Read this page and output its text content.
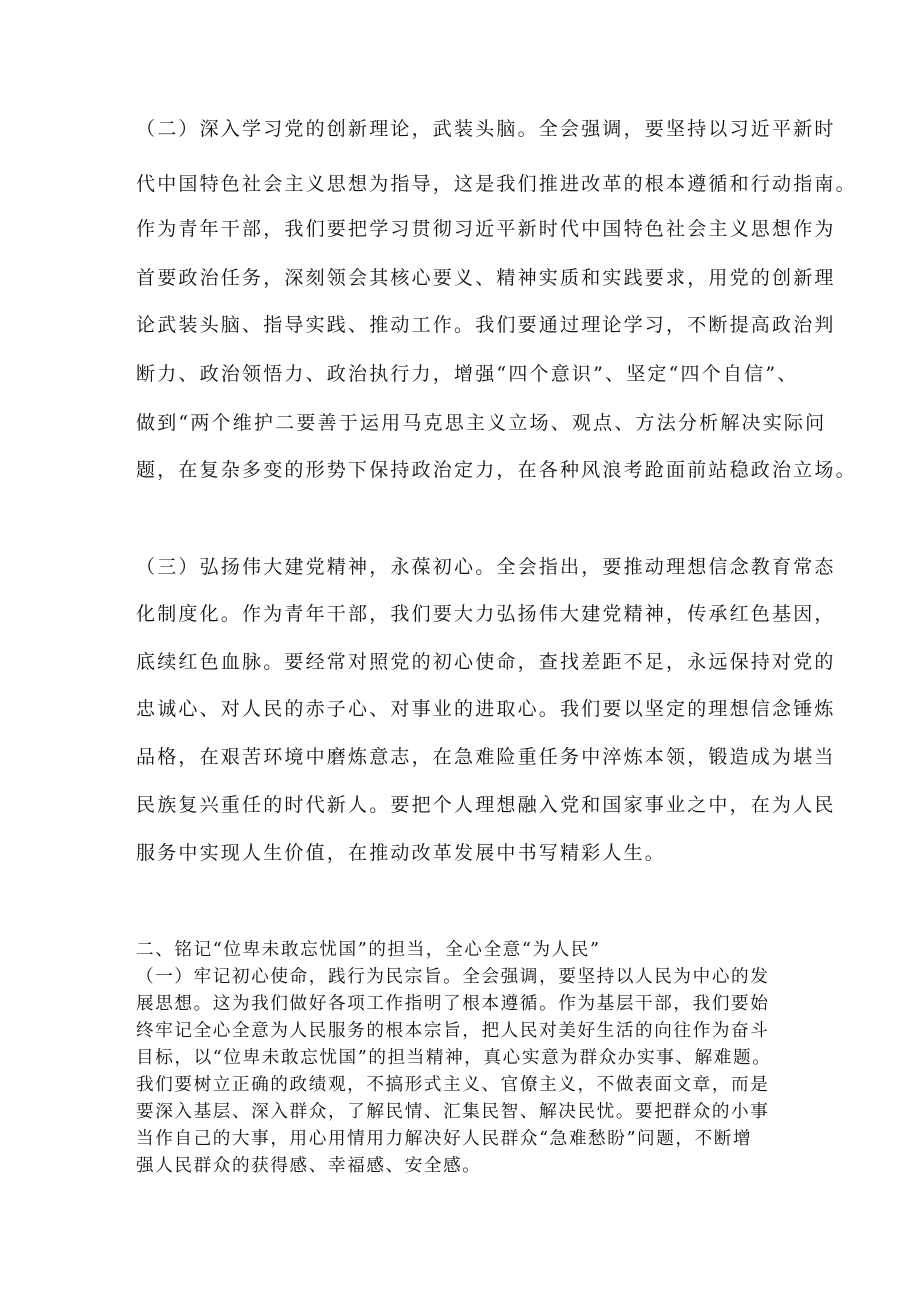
（二）深入学习党的创新理论，武装头脑。全会强调，要坚持以习近平新时
代中国特色社会主义思想为指导，这是我们推进改革的根本遵循和行动指南。
作为青年干部，我们要把学习贯彻习近平新时代中国特色社会主义思想作为
首要政治任务，深刻领会其核心要义、精神实质和实践要求，用党的创新理
论武装头脑、指导实践、推动工作。我们要通过理论学习，不断提高政治判
断力、政治领悟力、政治执行力，增强“四个意识”、坚定“四个自信”、
做到“两个维护二要善于运用马克思主义立场、观点、方法分析解决实际问
题，在复杂多变的形势下保持政治定力，在各种风浪考跄面前站稳政治立场。
（三）弘扬伟大建党精神，永葆初心。全会指出，要推动理想信念教育常态
化制度化。作为青年干部，我们要大力弘扬伟大建党精神，传承红色基因，
底续红色血脉。要经常对照党的初心使命，查找差距不足，永远保持对党的
忠诚心、对人民的赤子心、对事业的进取心。我们要以坚定的理想信念锤炼
品格，在艰苦环境中磨炼意志，在急难险重任务中淬炼本领，锻造成为堪当
民族复兴重任的时代新人。要把个人理想融入党和国家事业之中，在为人民
服务中实现人生价值，在推动改革发展中书写精彩人生。
二、铭记“位卑未敢忘忧国”的担当，全心全意“为人民”
（一）牢记初心使命，践行为民宗旨。全会强调，要坚持以人民为中心的发
展思想。这为我们做好各项工作指明了根本遵循。作为基层干部，我们要始
终牢记全心全意为人民服务的根本宗旨，把人民对美好生活的向往作为奋斗
目标，以“位卑未敢忘忧国”的担当精神，真心实意为群众办实事、解难题。
我们要树立正确的政绩观，不搞形式主义、官僚主义，不做表面文章，而是
要深入基层、深入群众，了解民情、汇集民智、解决民忧。要把群众的小事
当作自己的大事，用心用情用力解决好人民群众“急难愁盼”问题，不断增
强人民群众的获得感、幸福感、安全感。
